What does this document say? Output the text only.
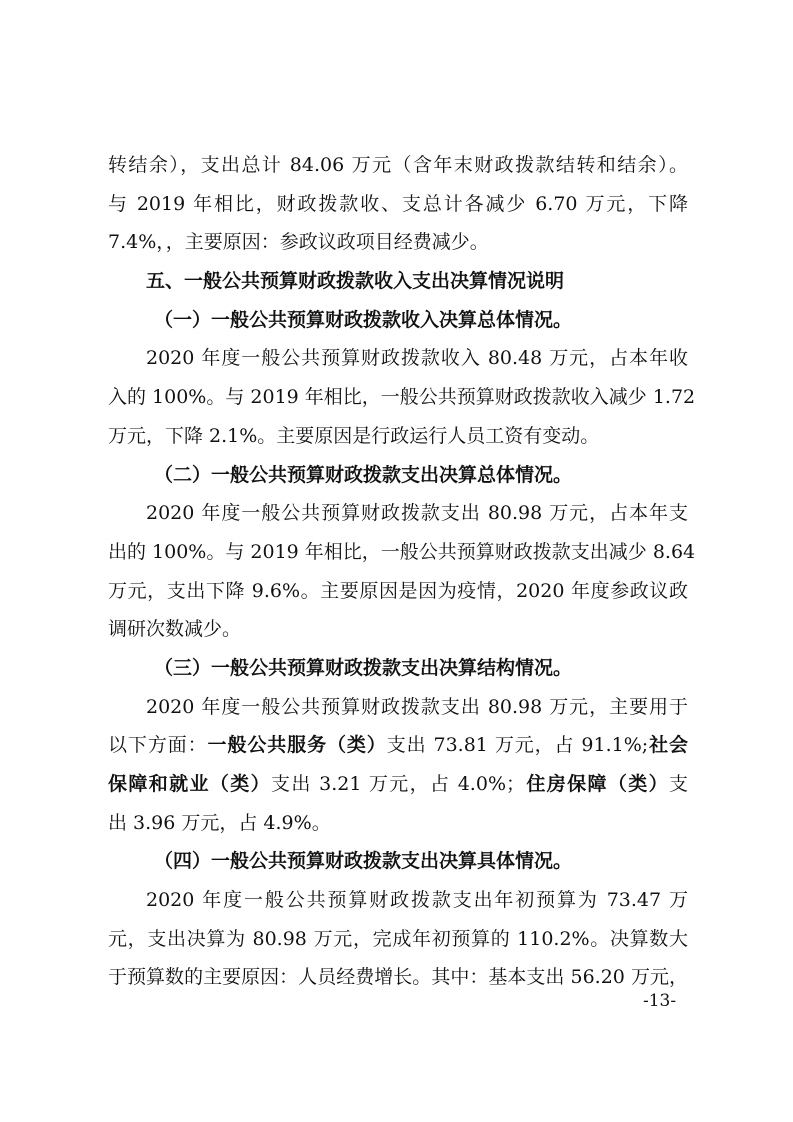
转结余），支出总计 84.06 万元（含年末财政拨款结转和结余）。
与 2019 年相比，财政拨款收、支总计各减少 6.70 万元，下降
7.4%，，主要原因：参政议政项目经费减少。
五、一般公共预算财政拨款收入支出决算情况说明
（一）一般公共预算财政拨款收入决算总体情况。
2020 年度一般公共预算财政拨款收入 80.48 万元，占本年收
入的 100%。与 2019 年相比，一般公共预算财政拨款收入减少 1.72
万元，下降 2.1%。主要原因是行政运行人员工资有变动。
（二）一般公共预算财政拨款支出决算总体情况。
2020 年度一般公共预算财政拨款支出 80.98 万元，占本年支
出的 100%。与 2019 年相比，一般公共预算财政拨款支出减少 8.64
万元，支出下降 9.6%。主要原因是因为疫情，2020 年度参政议政
调研次数减少。
（三）一般公共预算财政拨款支出决算结构情况。
2020 年度一般公共预算财政拨款支出 80.98 万元，主要用于
以下方面：一般公共服务（类）支出 73.81 万元，占 91.1%;社会
保障和就业（类）支出 3.21 万元，占 4.0%；住房保障（类）支
出 3.96 万元，占 4.9%。
（四）一般公共预算财政拨款支出决算具体情况。
2020 年度一般公共预算财政拨款支出年初预算为 73.47 万
元，支出决算为 80.98 万元，完成年初预算的 110.2%。决算数大
于预算数的主要原因：人员经费增长。其中：基本支出 56.20 万元，
-13-
